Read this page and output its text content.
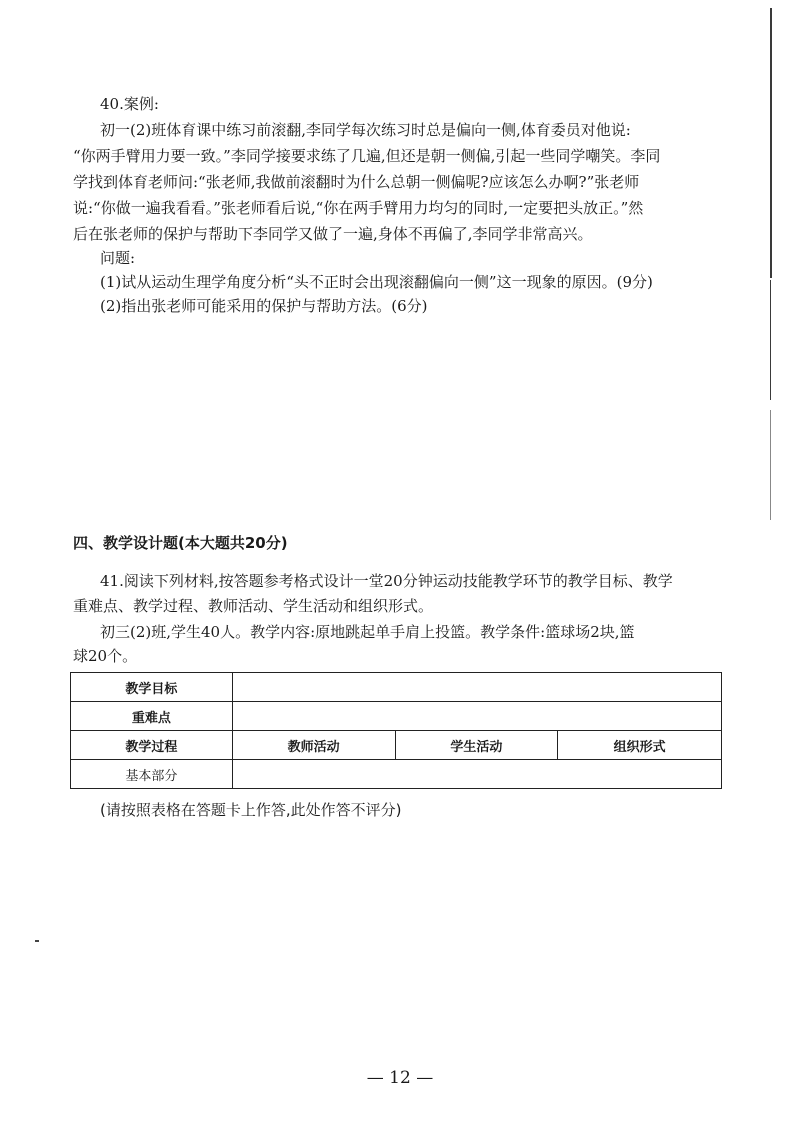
40.案例:
初一(2)班体育课中练习前滚翻,李同学每次练习时总是偏向一侧,体育委员对他说:
“你两手臂用力要一致。”李同学接要求练了几遍,但还是朝一侧偏,引起一些同学嘲笑。李同
学找到体育老师问:“张老师,我做前滚翻时为什么总朝一侧偏呢?应该怎么办啊?”张老师
说:“你做一遍我看看。”张老师看后说,“你在两手臂用力均匀的同时,一定要把头放正。”然
后在张老师的保护与帮助下李同学又做了一遍,身体不再偏了,李同学非常高兴。
问题:
(1)试从运动生理学角度分析“头不正时会出现滚翻偏向一侧”这一现象的原因。(9分)
(2)指出张老师可能采用的保护与帮助方法。(6分)
四、教学设计题(本大题共20分)
41.阅读下列材料,按答题参考格式设计一堂20分钟运动技能教学环节的教学目标、教学
重难点、教学过程、教师活动、学生活动和组织形式。
初三(2)班,学生40人。教学内容:原地跳起单手肩上投篮。教学条件:篮球场2块,篮
球20个。
教学目标			
重难点			
教学过程	教师活动	学生活动	组织形式
基本部分			
(请按照表格在答题卡上作答,此处作答不评分)
— 12 —
